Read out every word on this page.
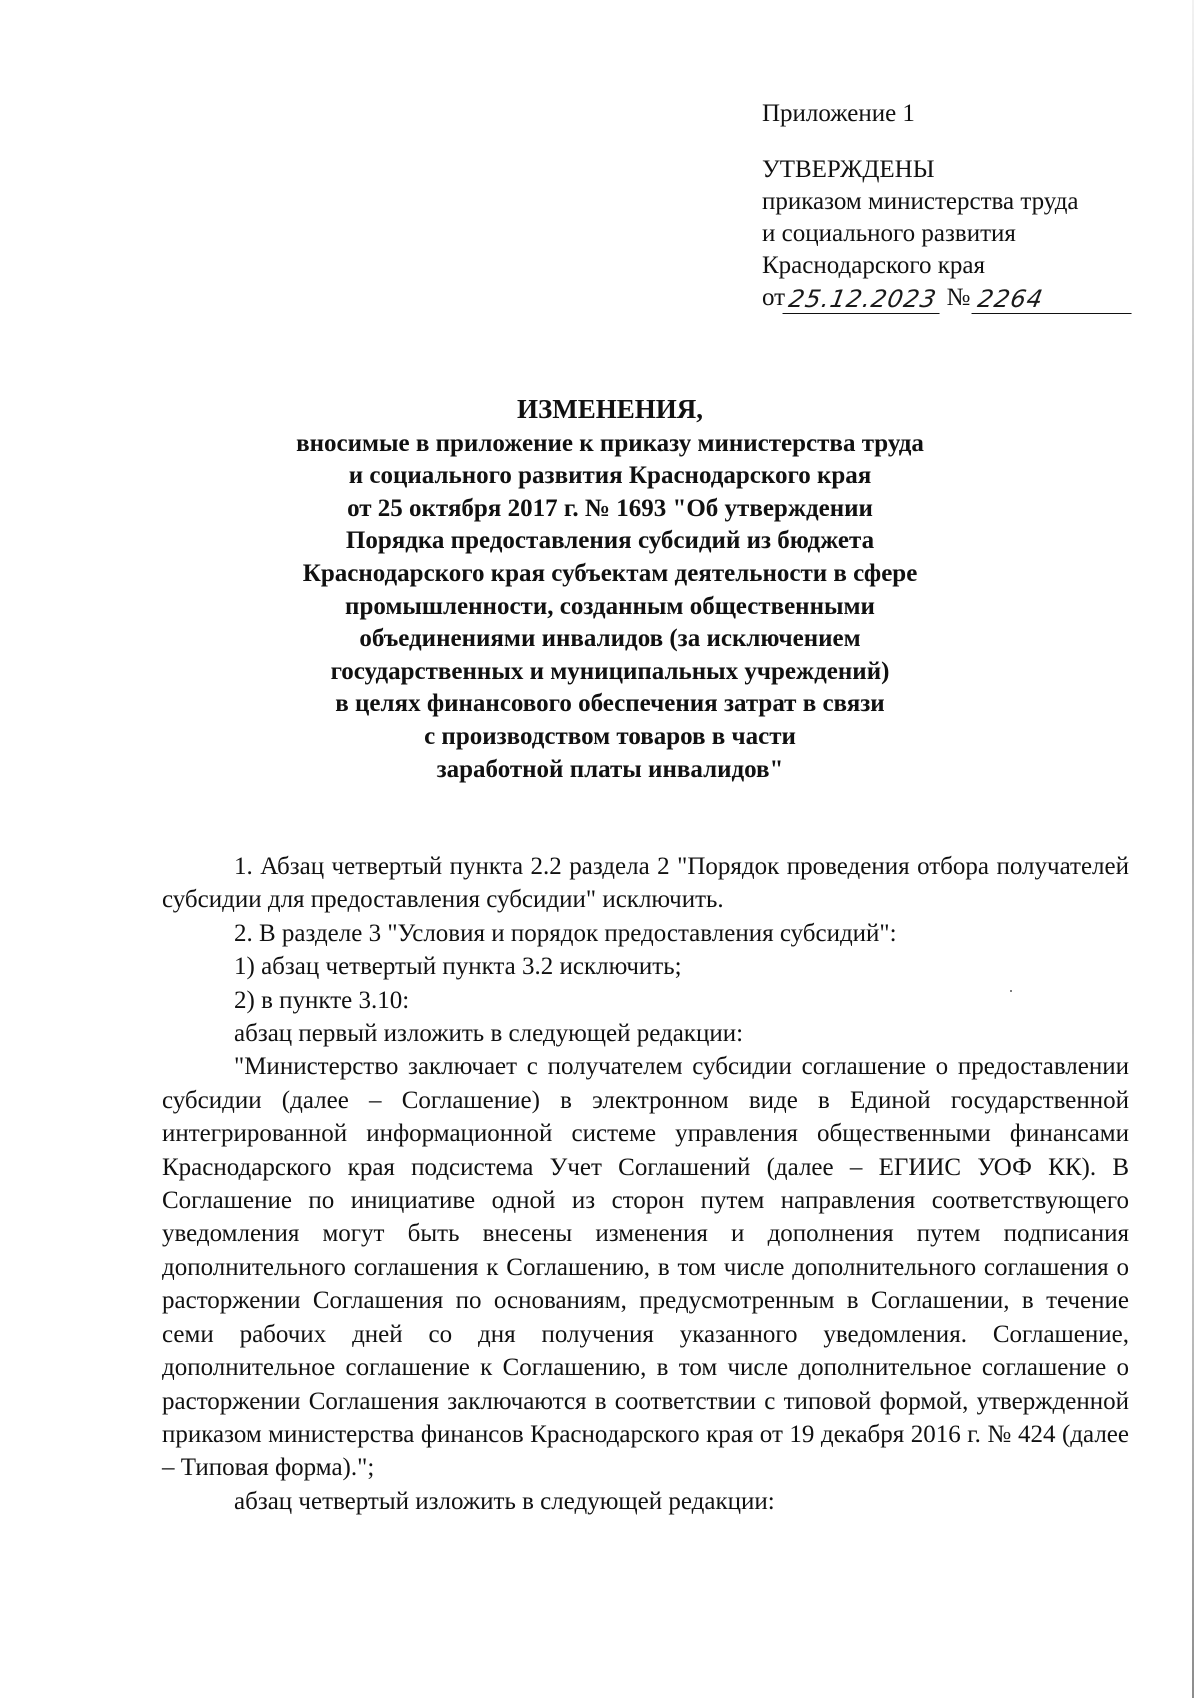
Приложение 1
УТВЕРЖДЕНЫ
приказом министерства труда
и социального развития
Краснодарского края
от 25.12.2023 № 2264
ИЗМЕНЕНИЯ,
вносимые в приложение к приказу министерства труда
и социального развития Краснодарского края
от 25 октября 2017 г. № 1693 "Об утверждении
Порядка предоставления субсидий из бюджета
Краснодарского края субъектам деятельности в сфере
промышленности, созданным общественными
объединениями инвалидов (за исключением
государственных и муниципальных учреждений)
в целях финансового обеспечения затрат в связи
с производством товаров в части
заработной платы инвалидов"

1. Абзац четвертый пункта 2.2 раздела 2 "Порядок проведения отбора получателей субсидии для предоставления субсидии" исключить.

2. В разделе 3 "Условия и порядок предоставления субсидий":

1) абзац четвертый пункта 3.2 исключить;

2) в пункте 3.10:

абзац первый изложить в следующей редакции:

"Министерство заключает с получателем субсидии соглашение о предоставлении субсидии (далее – Соглашение) в электронном виде в Единой государственной интегрированной информационной системе управления общественными финансами Краснодарского края подсистема Учет Соглашений (далее – ЕГИИС УОФ КК). В Соглашение по инициативе одной из сторон путем направления соответствующего уведомления могут быть внесены изменения и дополнения путем подписания дополнительного соглашения к Соглашению, в том числе дополнительного соглашения о расторжении Соглашения по основаниям, предусмотренным в Соглашении, в течение семи рабочих дней со дня получения указанного уведомления. Соглашение, дополнительное соглашение к Соглашению, в том числе дополнительное соглашение о расторжении Соглашения заключаются в соответствии с типовой формой, утвержденной приказом министерства финансов Краснодарского края от 19 декабря 2016 г. № 424 (далее – Типовая форма).";

абзац четвертый изложить в следующей редакции:
